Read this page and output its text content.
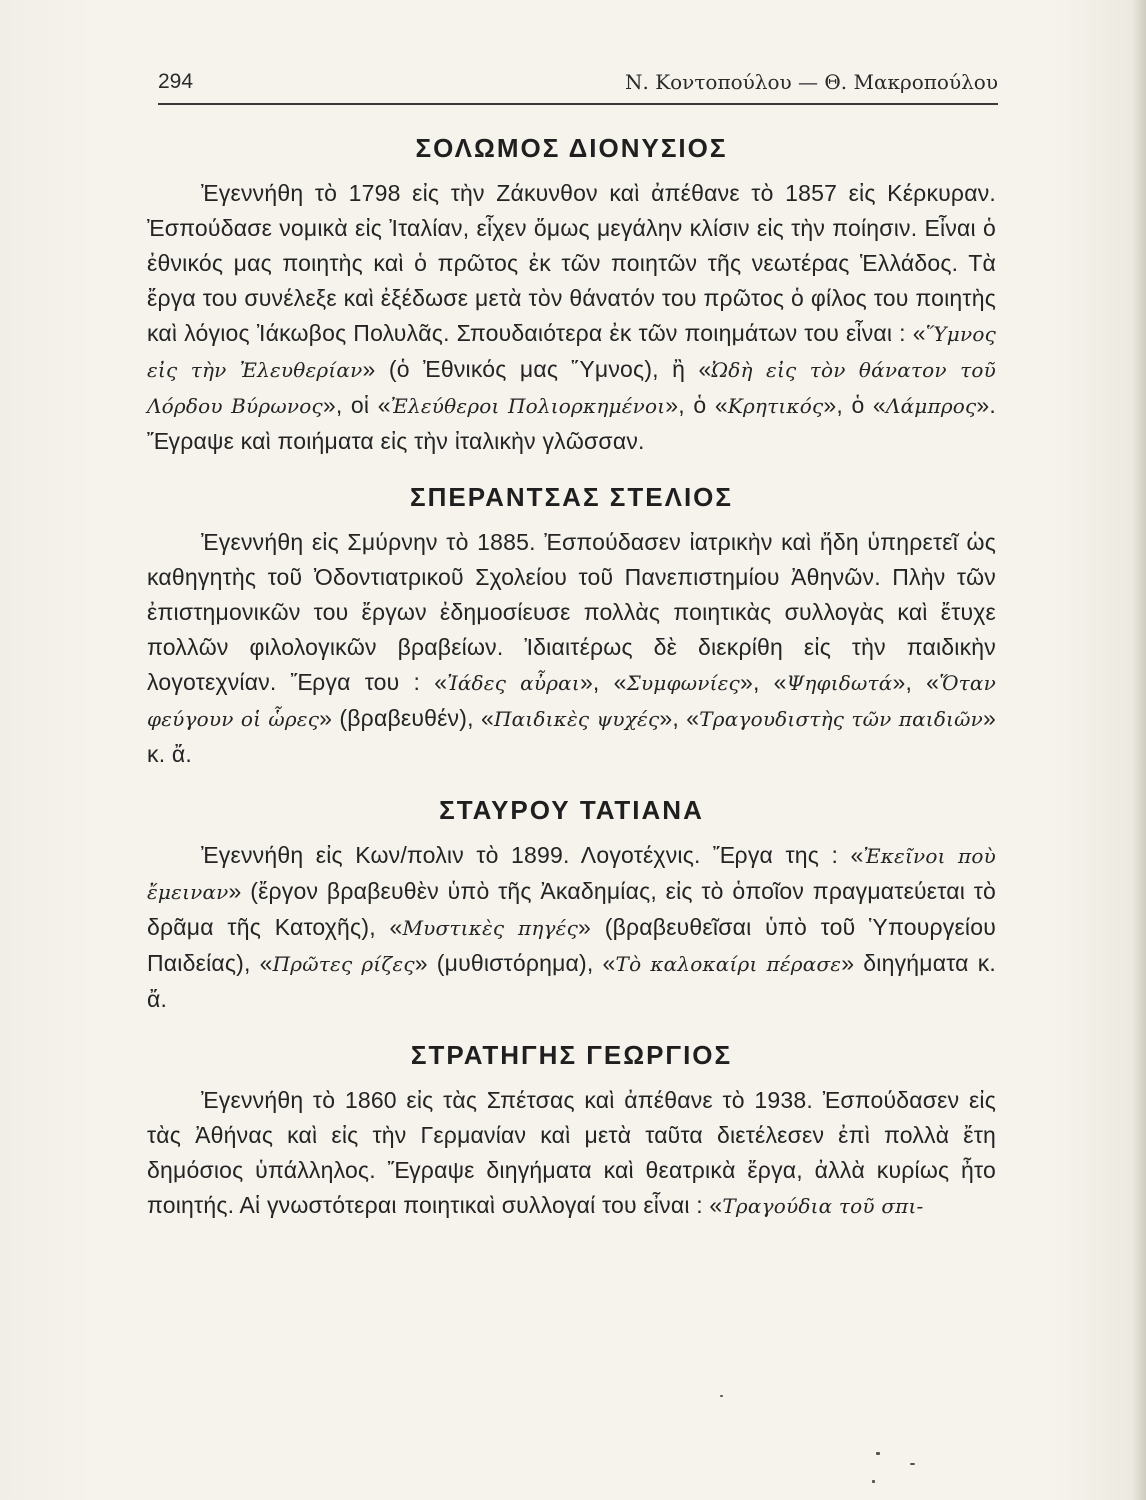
294	Ν. Κοντοπούλου — Θ. Μακροπούλου
ΣΟΛΩΜΟΣ ΔΙΟΝΥΣΙΟΣ

Ἐγεννήθη τὸ 1798 εἰς τὴν Ζάκυνθον καὶ ἀπέθανε τὸ 1857 εἰς Κέρκυραν. Ἐσπούδασε νομικὰ εἰς Ἰταλίαν, εἶχεν ὅμως μεγάλην κλίσιν εἰς τὴν ποίησιν. Εἶναι ὁ ἐθνικός μας ποιητὴς καὶ ὁ πρῶτος ἐκ τῶν ποιητῶν τῆς νεωτέρας Ἑλλάδος. Τὰ ἔργα του συνέλεξε καὶ ἐξέδωσε μετὰ τὸν θάνατόν του πρῶτος ὁ φίλος του ποιητὴς καὶ λόγιος Ἰάκωβος Πολυλᾶς. Σπουδαιότερα ἐκ τῶν ποιημάτων του εἶναι : «Ὕμνος εἰς τὴν Ἐλευθερίαν» (ὁ Ἐθνικός μας Ὕμνος), ἢ «Ὠδὴ εἰς τὸν θάνατον τοῦ Λόρδου Βύρωνος», οἱ «Ἐλεύθεροι Πολιορκημένοι», ὁ «Κρητικός», ὁ «Λάμπρος». Ἔγραψε καὶ ποιήματα εἰς τὴν ἰταλικὴν γλῶσσαν.

ΣΠΕΡΑΝΤΣΑΣ ΣΤΕΛΙΟΣ

Ἐγεννήθη εἰς Σμύρνην τὸ 1885. Ἐσπούδασεν ἰατρικὴν καὶ ἤδη ὑπηρετεῖ ὡς καθηγητὴς τοῦ Ὀδοντιατρικοῦ Σχολείου τοῦ Πανεπιστημίου Ἀθηνῶν. Πλὴν τῶν ἐπιστημονικῶν του ἔργων ἐδημοσίευσε πολλὰς ποιητικὰς συλλογὰς καὶ ἔτυχε πολλῶν φιλολογικῶν βραβείων. Ἰδιαιτέρως δὲ διεκρίθη εἰς τὴν παιδικὴν λογοτεχνίαν. Ἔργα του : «Ἰάδες αὖραι», «Συμφωνίες», «Ψηφιδωτά», «Ὅταν φεύγουν οἱ ὧρες» (βραβευθέν), «Παιδικὲς ψυχές», «Τραγουδιστὴς τῶν παιδιῶν» κ. ἄ.

ΣΤΑΥΡΟΥ ΤΑΤΙΑΝΑ

Ἐγεννήθη εἰς Κων/πολιν τὸ 1899. Λογοτέχνις. Ἔργα της : «Ἐκεῖνοι ποὺ ἔμειναν» (ἔργον βραβευθὲν ὑπὸ τῆς Ἀκαδημίας, εἰς τὸ ὁποῖον πραγματεύεται τὸ δρᾶμα τῆς Κατοχῆς), «Μυστικὲς πηγές» (βραβευθεῖσαι ὑπὸ τοῦ Ὑπουργείου Παιδείας), «Πρῶτες ρίζες» (μυθιστόρημα), «Τὸ καλοκαίρι πέρασε» διηγήματα κ. ἄ.

ΣΤΡΑΤΗΓΗΣ ΓΕΩΡΓΙΟΣ

Ἐγεννήθη τὸ 1860 εἰς τὰς Σπέτσας καὶ ἀπέθανε τὸ 1938. Ἐσπούδασεν εἰς τὰς Ἀθήνας καὶ εἰς τὴν Γερμανίαν καὶ μετὰ ταῦτα διετέλεσεν ἐπὶ πολλὰ ἔτη δημόσιος ὑπάλληλος. Ἔγραψε διηγήματα καὶ θεατρικὰ ἔργα, ἀλλὰ κυρίως ἦτο ποιητής. Αἱ γνωστότεραι ποιητικαὶ συλλογαί του εἶναι : «Τραγούδια τοῦ σπι-
